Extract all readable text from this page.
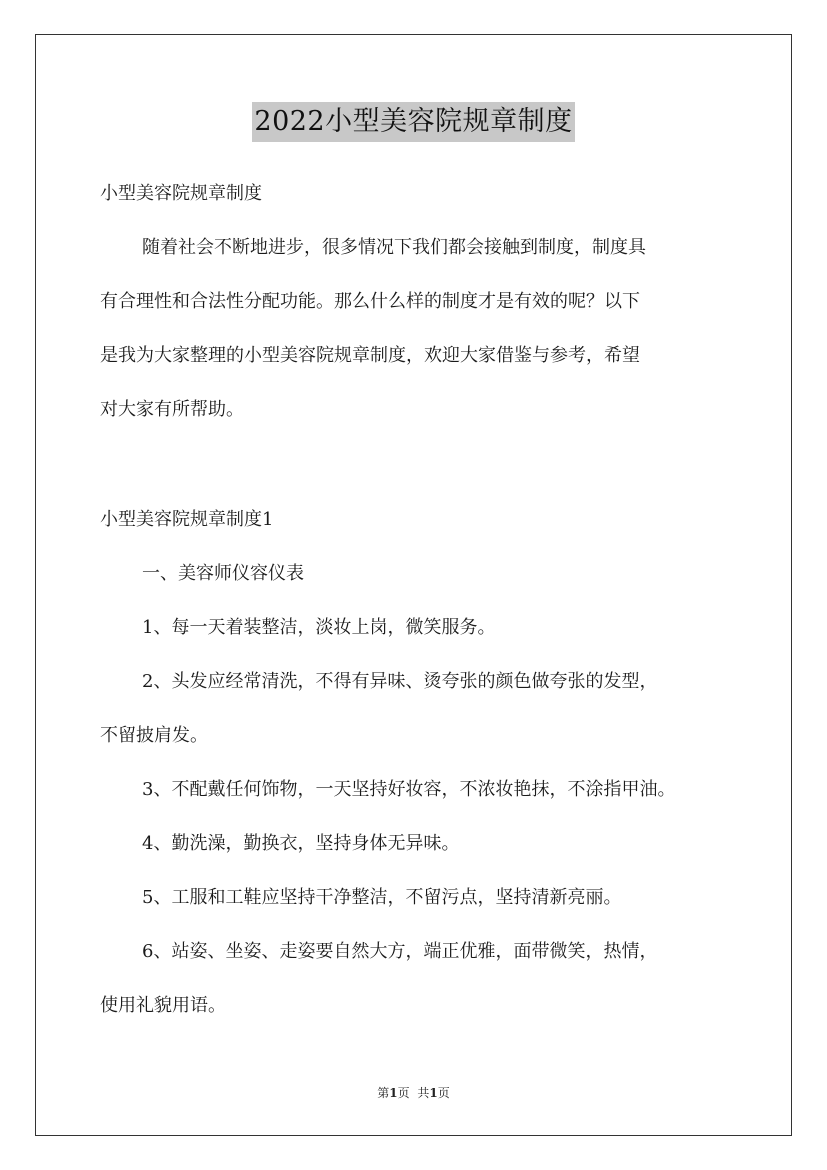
2022小型美容院规章制度
小型美容院规章制度
随着社会不断地进步，很多情况下我们都会接触到制度，制度具
有合理性和合法性分配功能。那么什么样的制度才是有效的呢？以下
是我为大家整理的小型美容院规章制度，欢迎大家借鉴与参考，希望
对大家有所帮助。
小型美容院规章制度1
一、美容师仪容仪表
1、每一天着装整洁，淡妆上岗，微笑服务。
2、头发应经常清洗，不得有异味、烫夸张的颜色做夸张的发型，
不留披肩发。
3、不配戴任何饰物，一天坚持好妆容，不浓妆艳抹，不涂指甲油。
4、勤洗澡，勤换衣，坚持身体无异味。
5、工服和工鞋应坚持干净整洁，不留污点，坚持清新亮丽。
6、站姿、坐姿、走姿要自然大方，端正优雅，面带微笑，热情，
使用礼貌用语。
第1页 共1页
